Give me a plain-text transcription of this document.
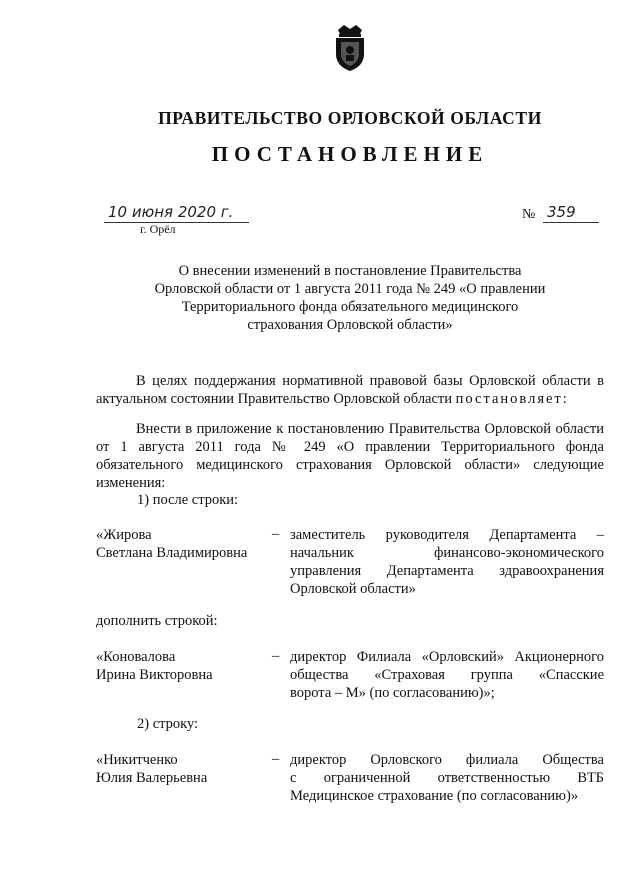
ПРАВИТЕЛЬСТВО ОРЛОВСКОЙ ОБЛАСТИ
ПОСТАНОВЛЕНИЕ
10 июня 2020 г.
г. Орёл
№ 359
О внесении изменений в постановление Правительства
Орловской области от 1 августа 2011 года № 249 «О правлении
Территориального фонда обязательного медицинского
страхования Орловской области»
В целях поддержания нормативной правовой базы Орловской области в актуальном состоянии Правительство Орловской области постановляет:
Внести в приложение к постановлению Правительства Орловской области от 1 августа 2011 года № 249 «О правлении Территориального фонда обязательного медицинского страхования Орловской области» следующие изменения:
1) после строки:
«Жирова
Светлана Владимировна
– заместитель руководителя Департамента –
начальник финансово-экономического
управления Департамента здравоохранения
Орловской области»
дополнить строкой:
«Коновалова
Ирина Викторовна
– директор Филиала «Орловский» Акционерного
общества «Страховая группа «Спасские
ворота – М» (по согласованию)»;
2) строку:
«Никитченко
Юлия Валерьевна
– директор Орловского филиала Общества
с ограниченной ответственностью ВТБ
Медицинское страхование (по согласованию)»
